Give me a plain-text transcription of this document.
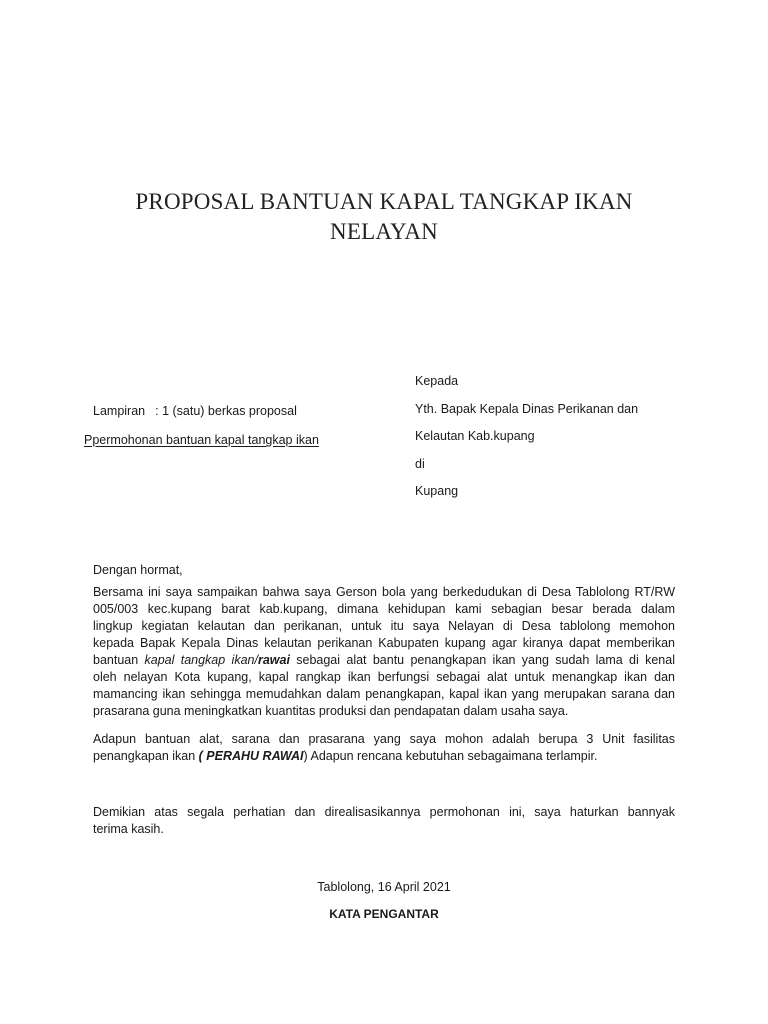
PROPOSAL BANTUAN KAPAL TANGKAP IKAN
NELAYAN
Lampiran : 1 (satu) berkas proposal
Ppermohonan bantuan kapal tangkap ikan
Kepada
Yth. Bapak Kepala Dinas Perikanan dan
Kelautan Kab.kupang
di
Kupang
Dengan hormat,
Bersama ini saya sampaikan bahwa saya Gerson bola yang berkedudukan di Desa Tablolong RT/RW
005/003 kec.kupang barat kab.kupang, dimana kehidupan kami sebagian besar berada dalam
lingkup kegiatan kelautan dan perikanan, untuk itu saya Nelayan di Desa tablolong memohon
kepada Bapak Kepala Dinas kelautan perikanan Kabupaten kupang agar kiranya dapat memberikan
bantuan kapal tangkap ikan/rawai sebagai alat bantu penangkapan ikan yang sudah lama di kenal
oleh nelayan Kota kupang, kapal rangkap ikan berfungsi sebagai alat untuk menangkap ikan dan
mamancing ikan sehingga memudahkan dalam penangkapan, kapal ikan yang merupakan sarana dan
prasarana guna meningkatkan kuantitas produksi dan pendapatan dalam usaha saya.
Adapun bantuan alat, sarana dan prasarana yang saya mohon adalah berupa 3 Unit fasilitas
penangkapan ikan ( PERAHU RAWAI) Adapun rencana kebutuhan sebagaimana terlampir.
Demikian atas segala perhatian dan direalisasikannya permohonan ini, saya haturkan bannyak
terima kasih.
Tablolong, 16 April 2021
KATA PENGANTAR
